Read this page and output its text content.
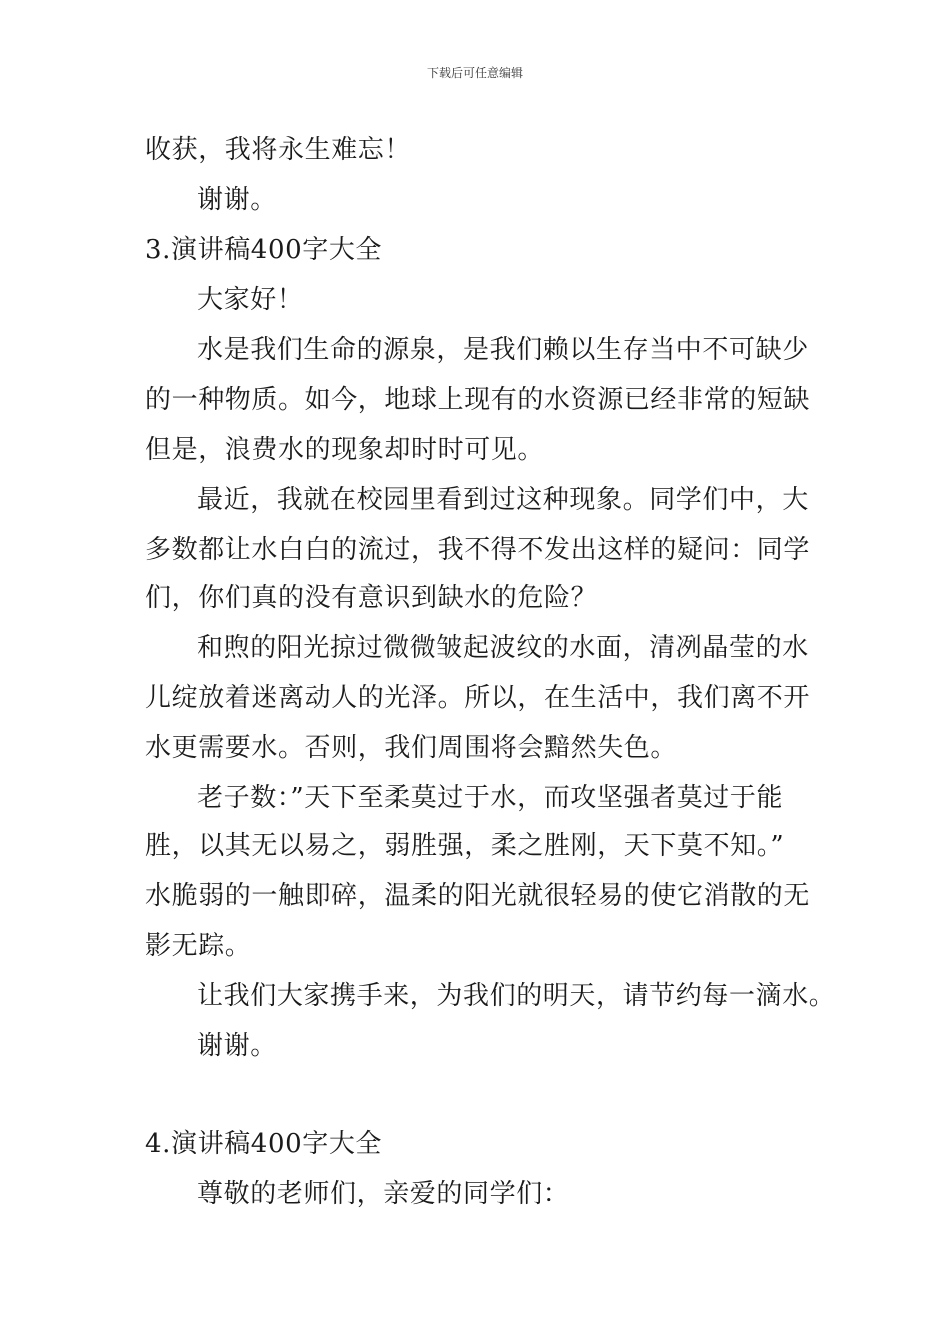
下载后可任意编辑
收获，我将永生难忘！
谢谢。
3.演讲稿400字大全
大家好！
水是我们生命的源泉，是我们赖以生存当中不可缺少
的一种物质。如今，地球上现有的水资源已经非常的短缺
但是，浪费水的现象却时时可见。
最近，我就在校园里看到过这种现象。同学们中，大
多数都让水白白的流过，我不得不发出这样的疑问：同学
们，你们真的没有意识到缺水的危险？
和煦的阳光掠过微微皱起波纹的水面，清冽晶莹的水
儿绽放着迷离动人的光泽。所以，在生活中，我们离不开
水更需要水。否则，我们周围将会黯然失色。
老子数：”天下至柔莫过于水，而攻坚强者莫过于能
胜，以其无以易之，弱胜强，柔之胜刚，天下莫不知。”
水脆弱的一触即碎，温柔的阳光就很轻易的使它消散的无
影无踪。
让我们大家携手来，为我们的明天，请节约每一滴水。
谢谢。
4.演讲稿400字大全
尊敬的老师们，亲爱的同学们：
